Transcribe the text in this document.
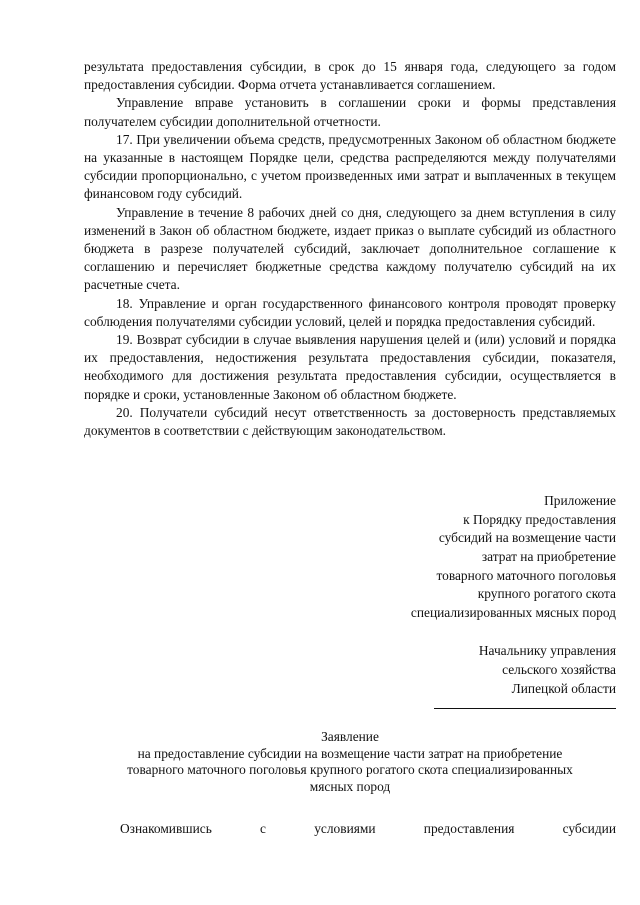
результата предоставления субсидии, в срок до 15 января года, следующего за годом предоставления субсидии. Форма отчета устанавливается соглашением.

Управление вправе установить в соглашении сроки и формы представления получателем субсидии дополнительной отчетности.

17. При увеличении объема средств, предусмотренных Законом об областном бюджете на указанные в настоящем Порядке цели, средства распределяются между получателями субсидии пропорционально, с учетом произведенных ими затрат и выплаченных в текущем финансовом году субсидий.

Управление в течение 8 рабочих дней со дня, следующего за днем вступления в силу изменений в Закон об областном бюджете, издает приказ о выплате субсидий из областного бюджета в разрезе получателей субсидий, заключает дополнительное соглашение к соглашению и перечисляет бюджетные средства каждому получателю субсидий на их расчетные счета.

18. Управление и орган государственного финансового контроля проводят проверку соблюдения получателями субсидии условий, целей и порядка предоставления субсидий.

19. Возврат субсидии в случае выявления нарушения целей и (или) условий и порядка их предоставления, недостижения результата предоставления субсидии, показателя, необходимого для достижения результата предоставления субсидии, осуществляется в порядке и сроки, установленные Законом об областном бюджете.

20. Получатели субсидий несут ответственность за достоверность представляемых документов в соответствии с действующим законодательством.

Приложение
к Порядку предоставления
субсидий на возмещение части
затрат на приобретение
товарного маточного поголовья
крупного рогатого скота
специализированных мясных пород
Начальнику управления
сельского хозяйства
Липецкой области
Заявление
на предоставление субсидии на возмещение части затрат на приобретение
товарного маточного поголовья крупного рогатого скота специализированных
мясных пород

Ознакомившись с условиями предоставления субсидии
